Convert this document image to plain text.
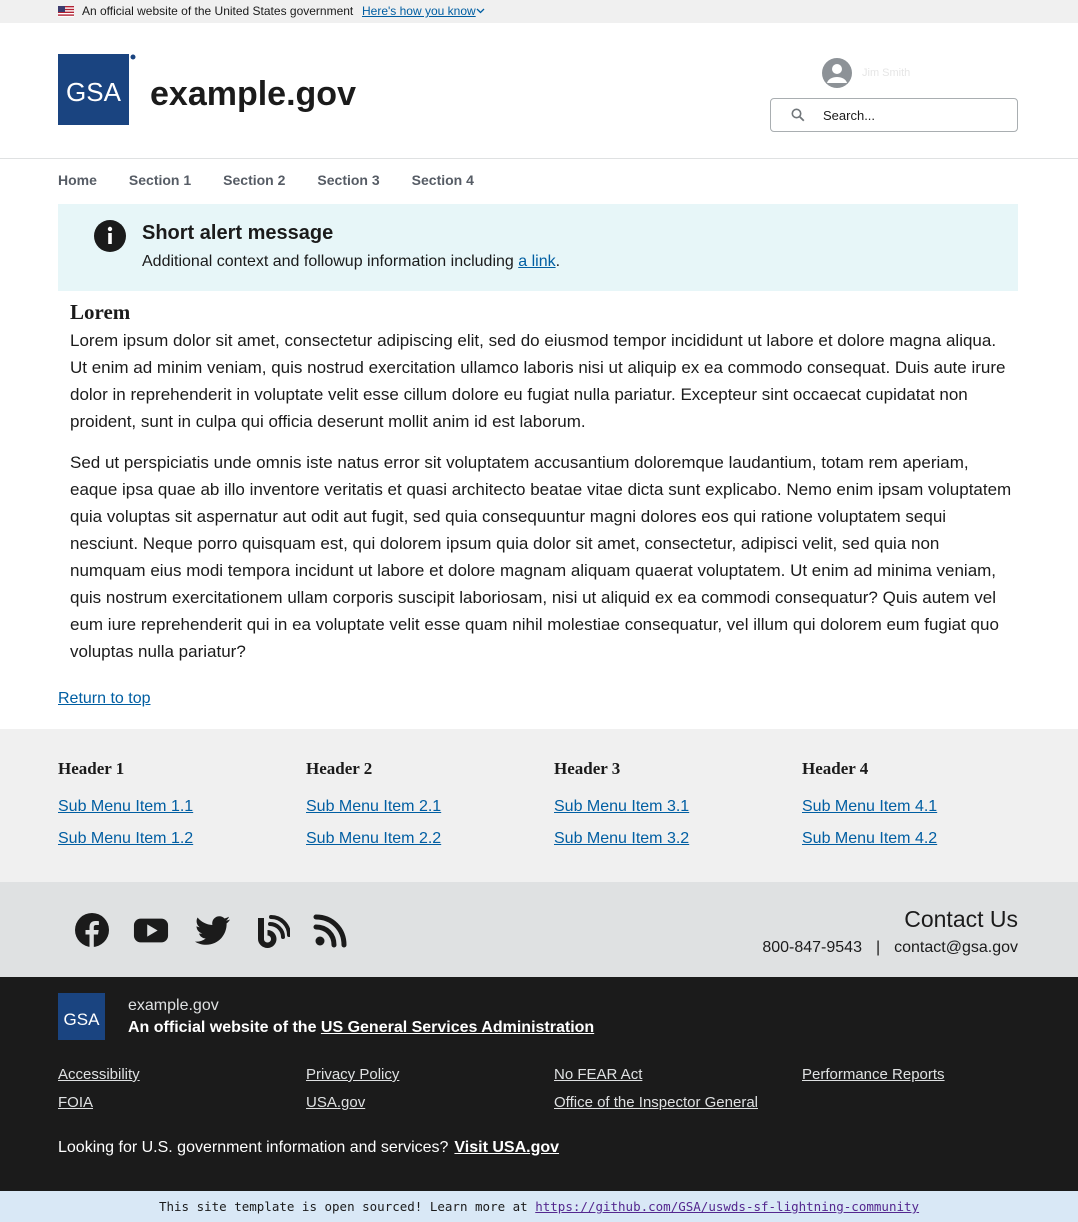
An official website of the United States government Here's how you know
GSA example.gov
Jim Smith
Search...
Home Section 1 Section 2 Section 3 Section 4
Short alert message
Additional context and followup information including a link.
Lorem

Lorem ipsum dolor sit amet, consectetur adipiscing elit, sed do eiusmod tempor incididunt ut labore et dolore magna aliqua. Ut enim ad minim veniam, quis nostrud exercitation ullamco laboris nisi ut aliquip ex ea commodo consequat. Duis aute irure dolor in reprehenderit in voluptate velit esse cillum dolore eu fugiat nulla pariatur. Excepteur sint occaecat cupidatat non proident, sunt in culpa qui officia deserunt mollit anim id est laborum.

Sed ut perspiciatis unde omnis iste natus error sit voluptatem accusantium doloremque laudantium, totam rem aperiam, eaque ipsa quae ab illo inventore veritatis et quasi architecto beatae vitae dicta sunt explicabo. Nemo enim ipsam voluptatem quia voluptas sit aspernatur aut odit aut fugit, sed quia consequuntur magni dolores eos qui ratione voluptatem sequi nesciunt. Neque porro quisquam est, qui dolorem ipsum quia dolor sit amet, consectetur, adipisci velit, sed quia non numquam eius modi tempora incidunt ut labore et dolore magnam aliquam quaerat voluptatem. Ut enim ad minima veniam, quis nostrum exercitationem ullam corporis suscipit laboriosam, nisi ut aliquid ex ea commodi consequatur? Quis autem vel eum iure reprehenderit qui in ea voluptate velit esse quam nihil molestiae consequatur, vel illum qui dolorem eum fugiat quo voluptas nulla pariatur?

Return to top
Header 1
Sub Menu Item 1.1
Sub Menu Item 1.2
Header 2
Sub Menu Item 2.1
Sub Menu Item 2.2
Header 3
Sub Menu Item 3.1
Sub Menu Item 3.2
Header 4
Sub Menu Item 4.1
Sub Menu Item 4.2
Contact Us
800-847-9543 | contact@gsa.gov
GSA
example.gov
An official website of the US General Services Administration
Accessibility	Privacy Policy	No FEAR Act	Performance Reports
FOIA	USA.gov	Office of the Inspector General
Looking for U.S. government information and services? Visit USA.gov
This site template is open sourced! Learn more at https://github.com/GSA/uswds-sf-lightning-community
